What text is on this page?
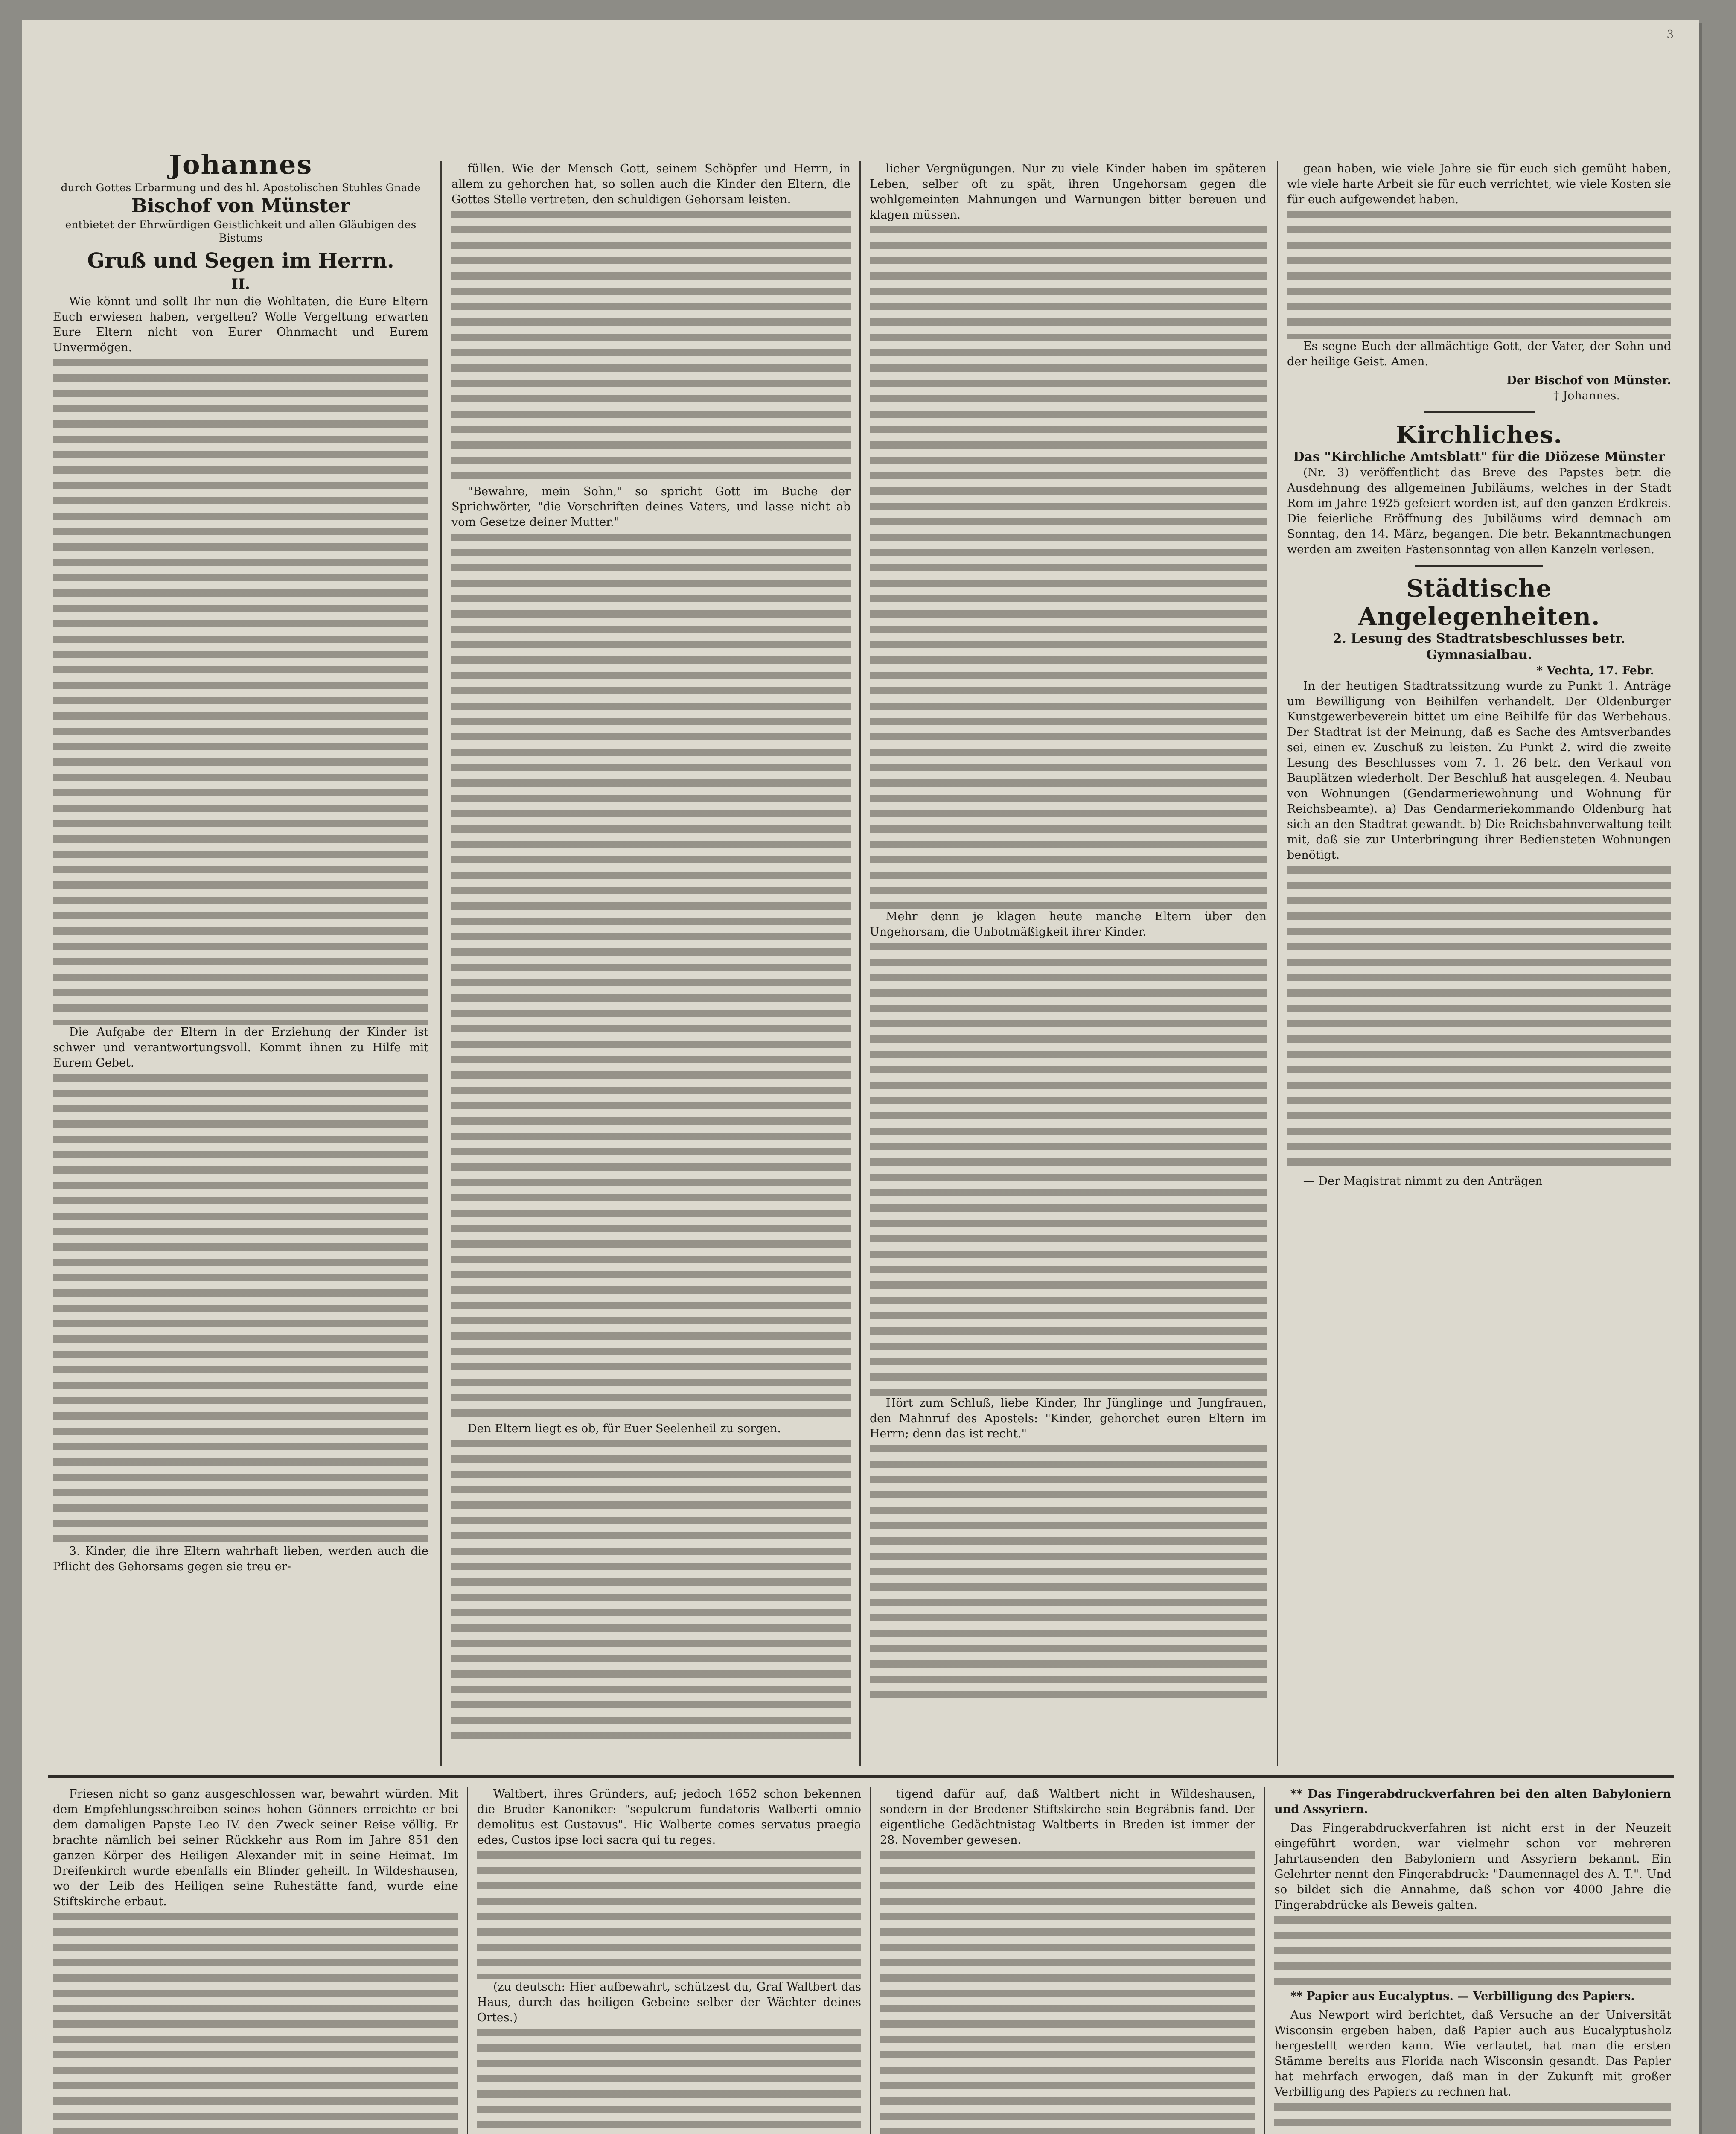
Johannes
durch Gottes Erbarmung und des hl. Apostolischen Stuhles Gnade
Bischof von Münster
entbietet der Ehrwürdigen Geistlichkeit und allen Gläubigen des Bistums
Gruß und Segen im Herrn.
II.

Wie könnt und sollt Ihr nun die Wohltaten, die Eure Eltern Euch erwiesen haben, vergelten? Wolle Vergeltung erwarten Eure Eltern nicht von Eurer Ohnmacht und Eurem Unvermögen.

Die Aufgabe der Eltern in der Erziehung der Kinder ist schwer und verantwortungsvoll. Kommt ihnen zu Hilfe mit Eurem Gebet.

3. Kinder, die ihre Eltern wahrhaft lieben, werden auch die Pflicht des Gehorsams gegen sie treu er-

füllen. Wie der Mensch Gott, seinem Schöpfer und Herrn, in allem zu gehorchen hat, so sollen auch die Kinder den Eltern, die Gottes Stelle vertreten, den schuldigen Gehorsam leisten.

"Bewahre, mein Sohn," so spricht Gott im Buche der Sprichwörter, "die Vorschriften deines Vaters, und lasse nicht ab vom Gesetze deiner Mutter."

Den Eltern liegt es ob, für Euer Seelenheil zu sorgen.

licher Vergnügungen. Nur zu viele Kinder haben im späteren Leben, selber oft zu spät, ihren Ungehorsam gegen die wohlgemeinten Mahnungen und Warnungen bitter bereuen und klagen müssen.

Mehr denn je klagen heute manche Eltern über den Ungehorsam, die Unbotmäßigkeit ihrer Kinder.

Hört zum Schluß, liebe Kinder, Ihr Jünglinge und Jungfrauen, den Mahnruf des Apostels: "Kinder, gehorchet euren Eltern im Herrn; denn das ist recht."

gean haben, wie viele Jahre sie für euch sich gemüht haben, wie viele harte Arbeit sie für euch verrichtet, wie viele Kosten sie für euch aufgewendet haben.

Es segne Euch der allmächtige Gott, der Vater, der Sohn und der heilige Geist. Amen.

Der Bischof von Münster.
† Johannes.
Kirchliches.
Das "Kirchliche Amtsblatt" für die Diözese Münster

(Nr. 3) veröffentlicht das Breve des Papstes betr. die Ausdehnung des allgemeinen Jubiläums, welches in der Stadt Rom im Jahre 1925 gefeiert worden ist, auf den ganzen Erdkreis. Die feierliche Eröffnung des Jubiläums wird demnach am Sonntag, den 14. März, begangen. Die betr. Bekanntmachungen werden am zweiten Fastensonntag von allen Kanzeln verlesen.

Städtische Angelegenheiten.
2. Lesung des Stadtratsbeschlusses betr. Gymnasialbau.
* Vechta, 17. Febr.

In der heutigen Stadtratssitzung wurde zu Punkt 1. Anträge um Bewilligung von Beihilfen verhandelt. Der Oldenburger Kunstgewerbeverein bittet um eine Beihilfe für das Werbehaus. Der Stadtrat ist der Meinung, daß es Sache des Amtsverbandes sei, einen ev. Zuschuß zu leisten. Zu Punkt 2. wird die zweite Lesung des Beschlusses vom 7. 1. 26 betr. den Verkauf von Bauplätzen wiederholt. Der Beschluß hat ausgelegen. 4. Neubau von Wohnungen (Gendarmeriewohnung und Wohnung für Reichsbeamte). a) Das Gendarmeriekommando Oldenburg hat sich an den Stadtrat gewandt. b) Die Reichsbahnverwaltung teilt mit, daß sie zur Unterbringung ihrer Bediensteten Wohnungen benötigt.

— Der Magistrat nimmt zu den Anträgen

Friesen nicht so ganz ausgeschlossen war, bewahrt würden. Mit dem Empfehlungsschreiben seines hohen Gönners erreichte er bei dem damaligen Papste Leo IV. den Zweck seiner Reise völlig. Er brachte nämlich bei seiner Rückkehr aus Rom im Jahre 851 den ganzen Körper des Heiligen Alexander mit in seine Heimat. Im Dreifenkirch wurde ebenfalls ein Blinder geheilt. In Wildeshausen, wo der Leib des Heiligen seine Ruhestätte fand, wurde eine Stiftskirche erbaut.

Waltbert, ihres Gründers, auf; jedoch 1652 schon bekennen die Bruder Kanoniker: "sepulcrum fundatoris Walberti omnio demolitus est Gustavus". Hic Walberte comes servatus praegia edes, Custos ipse loci sacra qui tu reges.

(zu deutsch: Hier aufbewahrt, schützest du, Graf Waltbert das Haus, durch das heiligen Gebeine selber der Wächter deines Ortes.)

tigend dafür auf, daß Waltbert nicht in Wildeshausen, sondern in der Bredener Stiftskirche sein Begräbnis fand. Der eigentliche Gedächtnistag Waltberts in Breden ist immer der 28. November gewesen.

** Das Fingerabdruckverfahren bei den alten Babyloniern und Assyriern.

Das Fingerabdruckverfahren ist nicht erst in der Neuzeit eingeführt worden, war vielmehr schon vor mehreren Jahrtausenden den Babyloniern und Assyriern bekannt. Ein Gelehrter nennt den Fingerabdruck: "Daumennagel des A. T.". Und so bildet sich die Annahme, daß schon vor 4000 Jahre die Fingerabdrücke als Beweis galten.

** Papier aus Eucalyptus. — Verbilligung des Papiers.

Aus Newport wird berichtet, daß Versuche an der Universität Wisconsin ergeben haben, daß Papier auch aus Eucalyptusholz hergestellt werden kann. Wie verlautet, hat man die ersten Stämme bereits aus Florida nach Wisconsin gesandt. Das Papier hat mehrfach erwogen, daß man in der Zukunft mit großer Verbilligung des Papiers zu rechnen hat.

3
